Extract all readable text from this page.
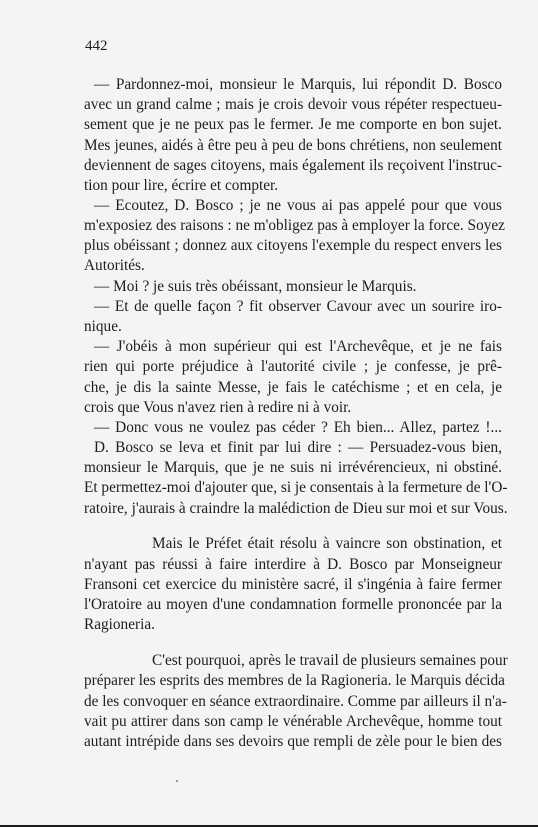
442
— Pardonnez-moi, monsieur le Marquis, lui répondit D. Bosco
avec un grand calme ; mais je crois devoir vous répéter respectueu-
sement que je ne peux pas le fermer. Je me comporte en bon sujet.
Mes jeunes, aidés à être peu à peu de bons chrétiens, non seulement
deviennent de sages citoyens, mais également ils reçoivent l'instruc-
tion pour lire, écrire et compter.
— Ecoutez, D. Bosco ; je ne vous ai pas appelé pour que vous
m'exposiez des raisons : ne m'obligez pas à employer la force. Soyez
plus obéissant ; donnez aux citoyens l'exemple du respect envers les
Autorités.
— Moi ? je suis très obéissant, monsieur le Marquis.
— Et de quelle façon ? fit observer Cavour avec un sourire iro-
nique.
— J'obéis à mon supérieur qui est l'Archevêque, et je ne fais
rien qui porte préjudice à l'autorité civile ; je confesse, je prê-
che, je dis la sainte Messe, je fais le catéchisme ; et en cela, je
crois que Vous n'avez rien à redire ni à voir.
— Donc vous ne voulez pas céder ? Eh bien... Allez, partez !...
D. Bosco se leva et finit par lui dire : — Persuadez-vous bien,
monsieur le Marquis, que je ne suis ni irrévérencieux, ni obstiné.
Et permettez-moi d'ajouter que, si je consentais à la fermeture de l'O-
ratoire, j'aurais à craindre la malédiction de Dieu sur moi et sur Vous.
Mais le Préfet était résolu à vaincre son obstination, et
n'ayant pas réussi à faire interdire à D. Bosco par Monseigneur
Fransoni cet exercice du ministère sacré, il s'ingénia à faire fermer
l'Oratoire au moyen d'une condamnation formelle prononcée par la
Ragioneria.
C'est pourquoi, après le travail de plusieurs semaines pour
préparer les esprits des membres de la Ragioneria. le Marquis décida
de les convoquer en séance extraordinaire. Comme par ailleurs il n'a-
vait pu attirer dans son camp le vénérable Archevêque, homme tout
autant intrépide dans ses devoirs que rempli de zèle pour le bien des
